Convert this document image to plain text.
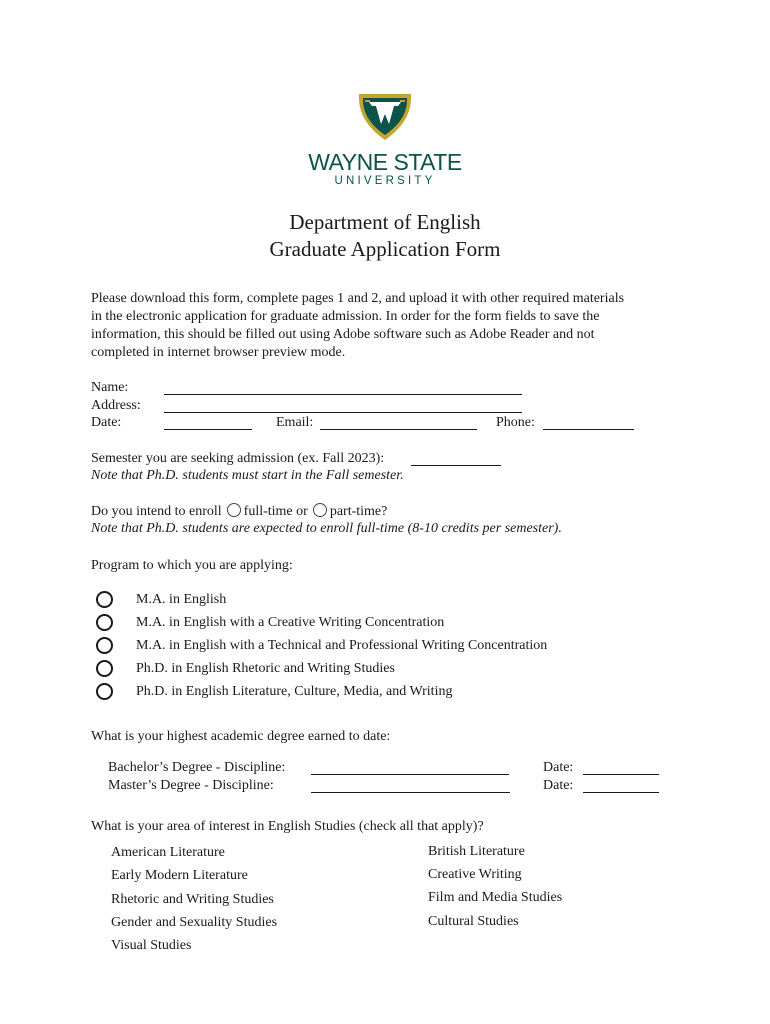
WAYNE STATE
UNIVERSITY
Department of English
Graduate Application Form
Please download this form, complete pages 1 and 2, and upload it with other required materials
in the electronic application for graduate admission. In order for the form fields to save the
information, this should be filled out using Adobe software such as Adobe Reader and not
completed in internet browser preview mode.
Name:
Address:
Date:	Email:	Phone:
Semester you are seeking admission (ex. Fall 2023):
Note that Ph.D. students must start in the Fall semester.
Do you intend to enroll full-time or part-time?
Note that Ph.D. students are expected to enroll full-time (8-10 credits per semester).
Program to which you are applying:
M.A. in English
M.A. in English with a Creative Writing Concentration
M.A. in English with a Technical and Professional Writing Concentration
Ph.D. in English Rhetoric and Writing Studies
Ph.D. in English Literature, Culture, Media, and Writing
What is your highest academic degree earned to date:
Bachelor’s Degree - Discipline:	Date:
Master’s Degree - Discipline:	Date:
What is your area of interest in English Studies (check all that apply)?
American Literature
Early Modern Literature
Rhetoric and Writing Studies
Gender and Sexuality Studies
Visual Studies
British Literature
Creative Writing
Film and Media Studies
Cultural Studies
